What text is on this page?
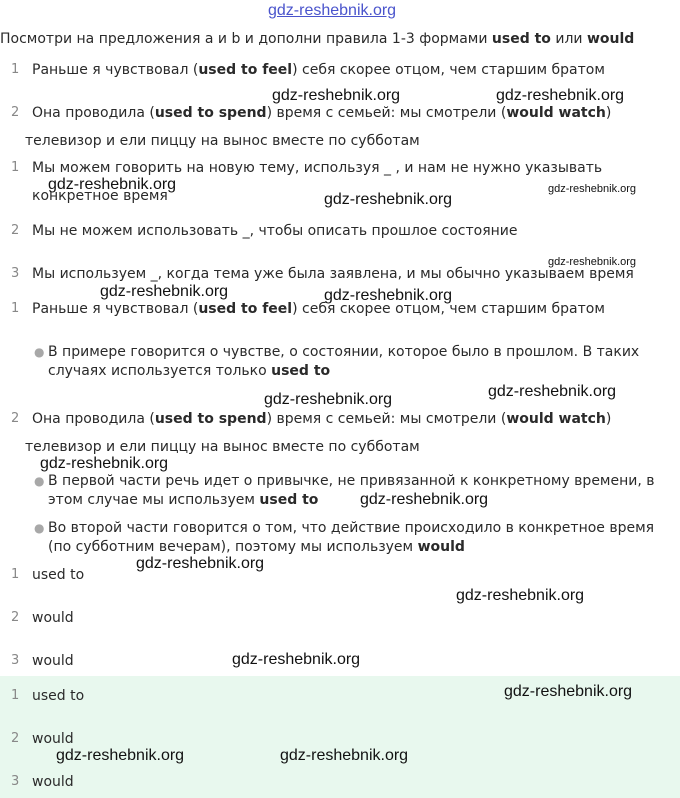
gdz-reshebnik.org
Посмотри на предложения a и b и дополни правила 1-3 формами used to или would
1 Раньше я чувствовал (used to feel) себя скорее отцом, чем старшим братом
2 Она проводила (used to spend) время с семьей: мы смотрели (would watch)
телевизор и ели пиццу на вынос вместе по субботам
1 Мы можем говорить на новую тему, используя _ , и нам не нужно указывать
конкретное время
2 Мы не можем использовать _, чтобы описать прошлое состояние
3 Мы используем _, когда тема уже была заявлена, и мы обычно указываем время
1 Раньше я чувствовал (used to feel) себя скорее отцом, чем старшим братом
● В примере говорится о чувстве, о состоянии, которое было в прошлом. В таких
случаях используется только used to
2 Она проводила (used to spend) время с семьей: мы смотрели (would watch)
телевизор и ели пиццу на вынос вместе по субботам
● В первой части речь идет о привычке, не привязанной к конкретному времени, в
этом случае мы используем used to
● Во второй части говорится о том, что действие происходило в конкретное время
(по субботним вечерам), поэтому мы используем would
1 used to
2 would
3 would
1 used to
2 would
3 would
gdz-reshebnik.org	gdz-reshebnik.org
gdz-reshebnik.org
gdz-reshebnik.org
gdz-reshebnik.org
gdz-reshebnik.org
gdz-reshebnik.org	gdz-reshebnik.org
gdz-reshebnik.org
gdz-reshebnik.org
gdz-reshebnik.org
gdz-reshebnik.org
gdz-reshebnik.org
gdz-reshebnik.org
gdz-reshebnik.org
gdz-reshebnik.org
gdz-reshebnik.org	gdz-reshebnik.org
